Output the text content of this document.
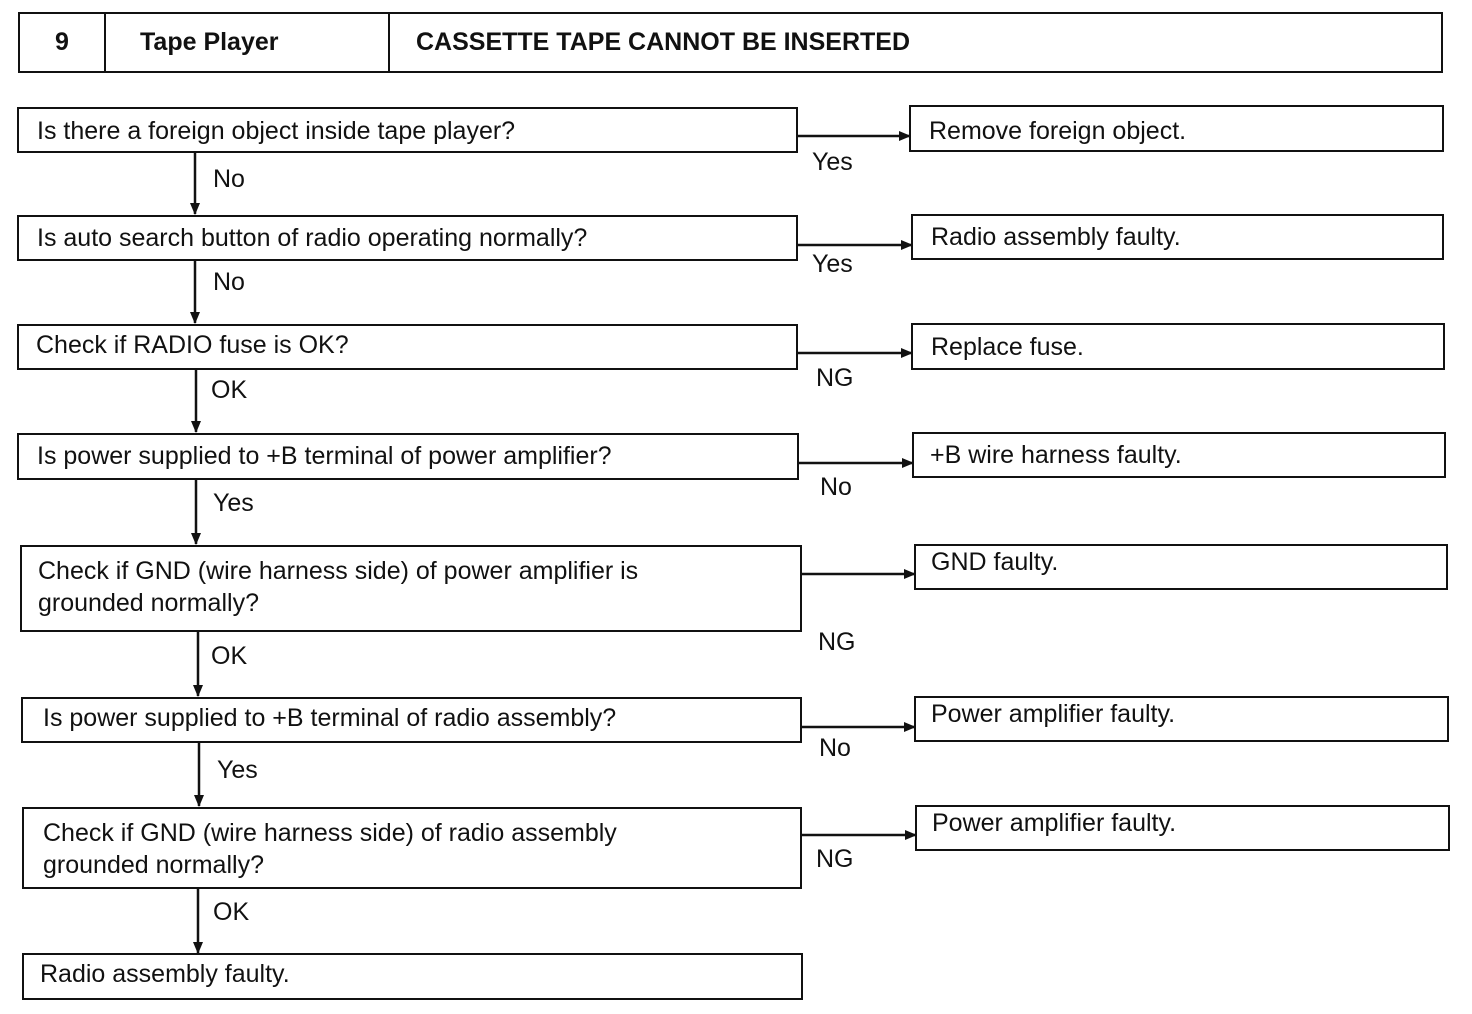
9	Tape Player	CASSETTE TAPE CANNOT BE INSERTED
Is there a foreign object inside tape player?
Yes
Remove foreign object.
No
Is auto search button of radio operating normally?
Yes
Radio assembly faulty.
No
Check if RADIO fuse is OK?
NG
Replace fuse.
OK
Is power supplied to +B terminal of power amplifier?
No
+B wire harness faulty.
Yes
Check if GND (wire harness side) of power amplifier is
grounded normally?
NG
GND faulty.
OK
Is power supplied to +B terminal of radio assembly?
No
Power amplifier faulty.
Yes
Check if GND (wire harness side) of radio assembly
grounded normally?	NG
Power amplifier faulty.
OK
Radio assembly faulty.
